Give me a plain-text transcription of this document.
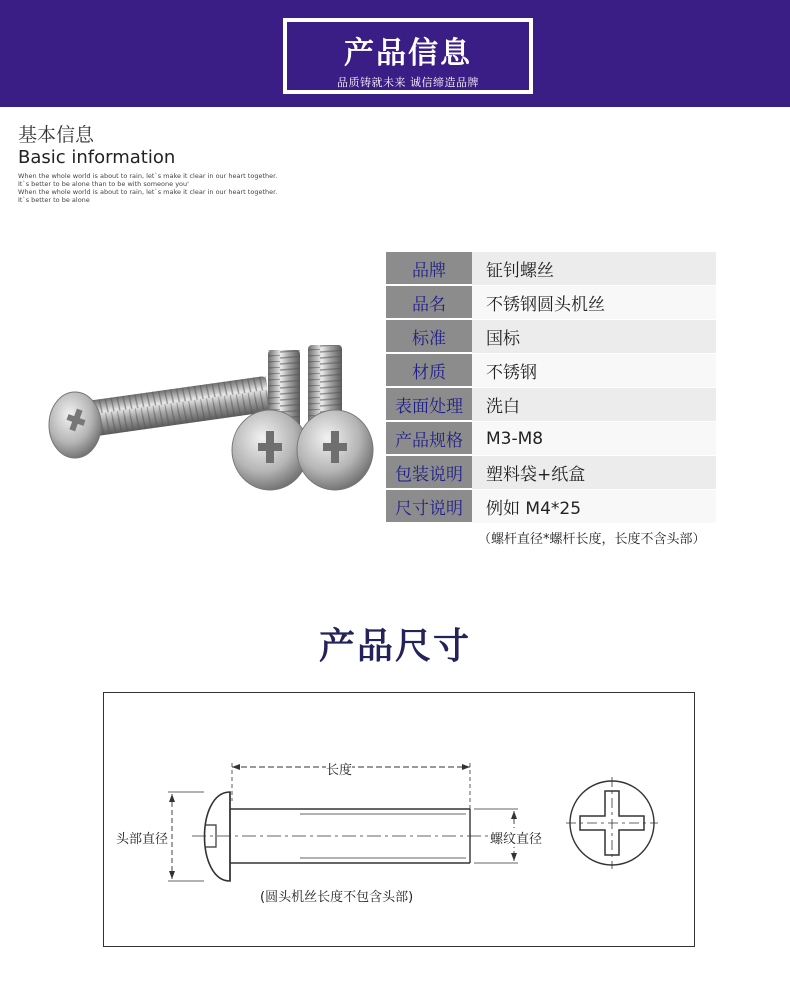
产品信息
品质铸就未来 诚信缔造品牌
基本信息
Basic information
When the whole world is about to rain, let`s make it clear in our heart together.
It`s better to be alone than to be with someone you'
When the whole world is about to rain, let`s make it clear in our heart together.
It`s better to be alone
品牌	钲钊螺丝
品名	不锈钢圆头机丝
标准	国标
材质	不锈钢
表面处理	洗白
产品规格	M3-M8
包装说明	塑料袋+纸盒
尺寸说明	例如 M4*25
（螺杆直径*螺杆长度，长度不含头部）
产品尺寸
长度
头部直径	螺纹直径
(圆头机丝长度不包含头部)
